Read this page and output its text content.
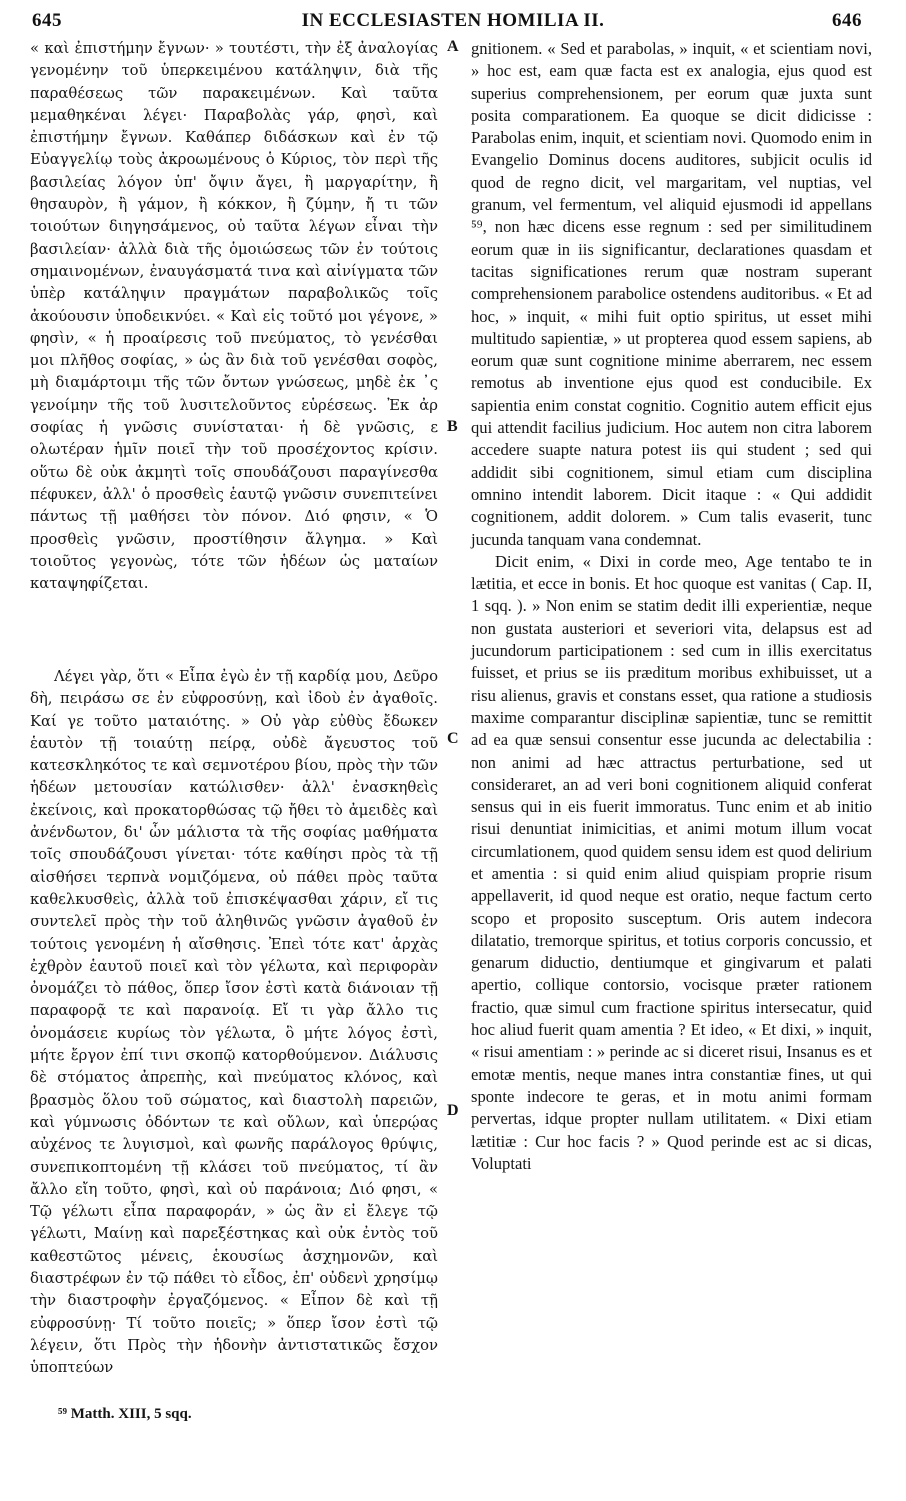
645	IN ECCLESIASTEN HOMILIA II.	646

« καὶ ἐπιστήμην ἔγνων· » τουτέστι, τὴν ἐξ ἀναλογίας γενομένην τοῦ ὑπερκειμένου κατάληψιν, διὰ τῆς παραθέσεως τῶν παρακειμένων. Καὶ ταῦτα μεμαθηκέναι λέγει· Παραβολὰς γάρ, φησὶ, καὶ ἐπιστήμην ἔγνων. Καθάπερ διδάσκων καὶ ἐν τῷ Εὐαγγελίῳ τοὺς ἀκροωμένους ὁ Κύριος, τὸν περὶ τῆς βασιλείας λόγον ὑπ' ὄψιν ἄγει, ἢ μαργαρίτην, ἢ θησαυρὸν, ἢ γάμον, ἢ κόκκον, ἢ ζύμην, ἤ τι τῶν τοιούτων διηγησάμενος, οὐ ταῦτα λέγων εἶναι τὴν βασιλείαν· ἀλλὰ διὰ τῆς ὁμοιώσεως τῶν ἐν τούτοις σημαινομένων, ἐναυγάσματά τινα καὶ αἰνίγματα τῶν ὑπὲρ κατάληψιν πραγμάτων παραβολικῶς τοῖς ἀκούουσιν ὑποδεικνύει. « Καὶ εἰς τοῦτό μοι γέγονε, » φησὶν, « ἡ προαίρεσις τοῦ πνεύματος, τὸ γενέσθαι μοι πλῆθος σοφίας, » ὡς ἂν διὰ τοῦ γενέσθαι σοφὸς, μὴ διαμάρτοιμι τῆς τῶν ὄντων γνώσεως, μηδὲ ἐκ ᾽ς γενοίμην τῆς τοῦ λυσιτελοῦντος εὑρέσεως. Ἐκ ἀρ σοφίας ἡ γνῶσις συνίσταται· ἡ δὲ γνῶσις, ε ολωτέραν ἡμῖν ποιεῖ τὴν τοῦ προσέχοντος κρίσιν. οὕτω δὲ οὐκ ἀκμητὶ τοῖς σπουδάζουσι παραγίνεσθα πέφυκεν, ἀλλ' ὁ προσθεὶς ἑαυτῷ γνῶσιν συνεπιτείνει πάντως τῇ μαθήσει τὸν πόνον. Διό φησιν, « Ὁ προσθεὶς γνῶσιν, προστίθησιν ἄλγημα. » Καὶ τοιοῦτος γεγονὼς, τότε τῶν ἡδέων ὡς ματαίων καταψηφίζεται.

Λέγει γὰρ, ὅτι « Εἶπα ἐγὼ ἐν τῇ καρδίᾳ μου, Δεῦρο δὴ, πειράσω σε ἐν εὐφροσύνῃ, καὶ ἰδοὺ ἐν ἀγαθοῖς. Καί γε τοῦτο ματαιότης. » Οὐ γὰρ εὐθὺς ἔδωκεν ἑαυτὸν τῇ τοιαύτῃ πείρᾳ, οὐδὲ ἄγευστος τοῦ κατεσκληκότος τε καὶ σεμνοτέρου βίου, πρὸς τὴν τῶν ἡδέων μετουσίαν κατώλισθεν· ἀλλ' ἐνασκηθεὶς ἐκείνοις, καὶ προκατορθώσας τῷ ἤθει τὸ ἀμειδὲς καὶ ἀνένδωτον, δι' ὧν μάλιστα τὰ τῆς σοφίας μαθήματα τοῖς σπουδάζουσι γίνεται· τότε καθίησι πρὸς τὰ τῇ αἰσθήσει τερπνὰ νομιζόμενα, οὐ πάθει πρὸς ταῦτα καθελκυσθεὶς, ἀλλὰ τοῦ ἐπισκέψασθαι χάριν, εἴ τις συντελεῖ πρὸς τὴν τοῦ ἀληθινῶς γνῶσιν ἀγαθοῦ ἐν τούτοις γενομένη ἡ αἴσθησις. Ἐπεὶ τότε κατ' ἀρχὰς ἐχθρὸν ἑαυτοῦ ποιεῖ καὶ τὸν γέλωτα, καὶ περιφορὰν ὀνομάζει τὸ πάθος, ὅπερ ἴσον ἐστὶ κατὰ διάνοιαν τῇ παραφορᾷ τε καὶ παρανοίᾳ. Εἴ τι γὰρ ἄλλο τις ὀνομάσειε κυρίως τὸν γέλωτα, ὃ μήτε λόγος ἐστὶ, μήτε ἔργον ἐπί τινι σκοπῷ κατορθούμενον. Διάλυσις δὲ στόματος ἀπρεπὴς, καὶ πνεύματος κλόνος, καὶ βρασμὸς ὅλου τοῦ σώματος, καὶ διαστολὴ παρειῶν, καὶ γύμνωσις ὀδόντων τε καὶ οὔλων, καὶ ὑπερῴας αὐχένος τε λυγισμοὶ, καὶ φωνῆς παράλογος θρύψις, συνεπικοπτομένη τῇ κλάσει τοῦ πνεύματος, τί ἂν ἄλλο εἴη τοῦτο, φησὶ, καὶ οὐ παράνοια; Διό φησι, « Τῷ γέλωτι εἶπα παραφοράν, » ὡς ἂν εἰ ἔλεγε τῷ γέλωτι, Μαίνῃ καὶ παρεξέστηκας καὶ οὐκ ἐντὸς τοῦ καθεστῶτος μένεις, ἑκουσίως ἀσχημονῶν, καὶ διαστρέφων ἐν τῷ πάθει τὸ εἶδος, ἐπ' οὐδενὶ χρησίμῳ τὴν διαστροφὴν ἐργαζόμενος. « Εἶπον δὲ καὶ τῇ εὐφροσύνῃ· Τί τοῦτο ποιεῖς; » ὅπερ ἴσον ἐστὶ τῷ λέγειν, ὅτι Πρὸς τὴν ἡδονὴν ἀντιστατικῶς ἔσχον ὑποπτεύων

gnitionem. « Sed et parabolas, » inquit, « et scientiam novi, » hoc est, eam quæ facta est ex analogia, ejus quod est superius comprehensionem, per eorum quæ juxta sunt posita comparationem. Ea quoque se dicit didicisse : Parabolas enim, inquit, et scientiam novi. Quomodo enim in Evangelio Dominus docens auditores, subjicit oculis id quod de regno dicit, vel margaritam, vel nuptias, vel granum, vel fermentum, vel aliquid ejusmodi id appellans ⁵⁹, non hæc dicens esse regnum : sed per similitudinem eorum quæ in iis significantur, declarationes quasdam et tacitas significationes rerum quæ nostram superant comprehensionem parabolice ostendens auditoribus. « Et ad hoc, » inquit, « mihi fuit optio spiritus, ut esset mihi multitudo sapientiæ, » ut propterea quod essem sapiens, ab eorum quæ sunt cognitione minime aberrarem, nec essem remotus ab inventione ejus quod est conducibile. Ex sapientia enim constat cognitio. Cognitio autem efficit ejus qui attendit facilius judicium. Hoc autem non citra laborem accedere suapte natura potest iis qui student ; sed qui addidit sibi cognitionem, simul etiam cum disciplina omnino intendit laborem. Dicit itaque : « Qui addidit cognitionem, addit dolorem. » Cum talis evaserit, tunc jucunda tanquam vana condemnat.

Dicit enim, « Dixi in corde meo, Age tentabo te in lætitia, et ecce in bonis. Et hoc quoque est vanitas ( Cap. II, 1 sqq. ). » Non enim se statim dedit illi experientiæ, neque non gustata austeriori et severiori vita, delapsus est ad jucundorum participationem : sed cum in illis exercitatus fuisset, et prius se iis præditum moribus exhibuisset, ut a risu alienus, gravis et constans esset, qua ratione a studiosis maxime comparantur disciplinæ sapientiæ, tunc se remittit ad ea quæ sensui consentur esse jucunda ac delectabilia : non animi ad hæc attractus perturbatione, sed ut consideraret, an ad veri boni cognitionem aliquid conferat sensus qui in eis fuerit immoratus. Tunc enim et ab initio risui denuntiat inimicitias, et animi motum illum vocat circumlationem, quod quidem sensu idem est quod delirium et amentia : si quid enim aliud quispiam proprie risum appellaverit, id quod neque est oratio, neque factum certo scopo et proposito susceptum. Oris autem indecora dilatatio, tremorque spiritus, et totius corporis concussio, et genarum diductio, dentiumque et gingivarum et palati apertio, collique contorsio, vocisque præter rationem fractio, quæ simul cum fractione spiritus intersecatur, quid hoc aliud fuerit quam amentia ? Et ideo, « Et dixi, » inquit, « risui amentiam : » perinde ac si diceret risui, Insanus es et emotæ mentis, neque manes intra constantiæ fines, ut qui sponte indecore te geras, et in motu animi formam pervertas, idque propter nullam utilitatem. « Dixi etiam lætitiæ : Cur hoc facis ? » Quod perinde est ac si dicas, Voluptati

A
B
C
D
⁵⁹ Matth. XIII, 5 sqq.
